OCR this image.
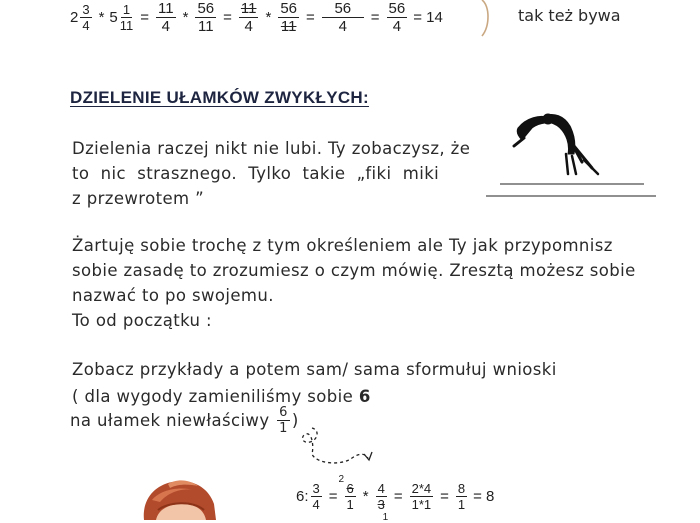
$2 \frac{3}{4} * 5 \frac{1}{11} = \frac{11}{4} * \frac{56}{11} = \frac{11}{4} * \frac{56}{11} = \frac{56}{4} = \frac{56}{4} = 14$	tak też bywa
DZIELENIE UŁAMKÓW ZWYKŁYCH:
Dzielenia raczej nikt nie lubi. Ty zobaczysz, że
to  nic  strasznego.  Tylko  takie  „fiki  miki
z przewrotem ”
Żartuję sobie trochę z tym określeniem ale Ty jak przypomnisz
sobie zasadę to zrozumiesz o czym mówię. Zresztą możesz sobie
nazwać to po swojemu.
To od początku :
Zobacz przykłady a potem sam/ sama sformułuj wnioski
( dla wygody zamieniliśmy sobie 6
na ułamek niewłaściwy $\frac{6}{1}$ )
6: $\frac{3}{4}$ =
2
$\frac{6}{1} * \frac{4}{3}$
1
= $\frac{2*4}{1*1} = \frac{8}{1} = 8$
